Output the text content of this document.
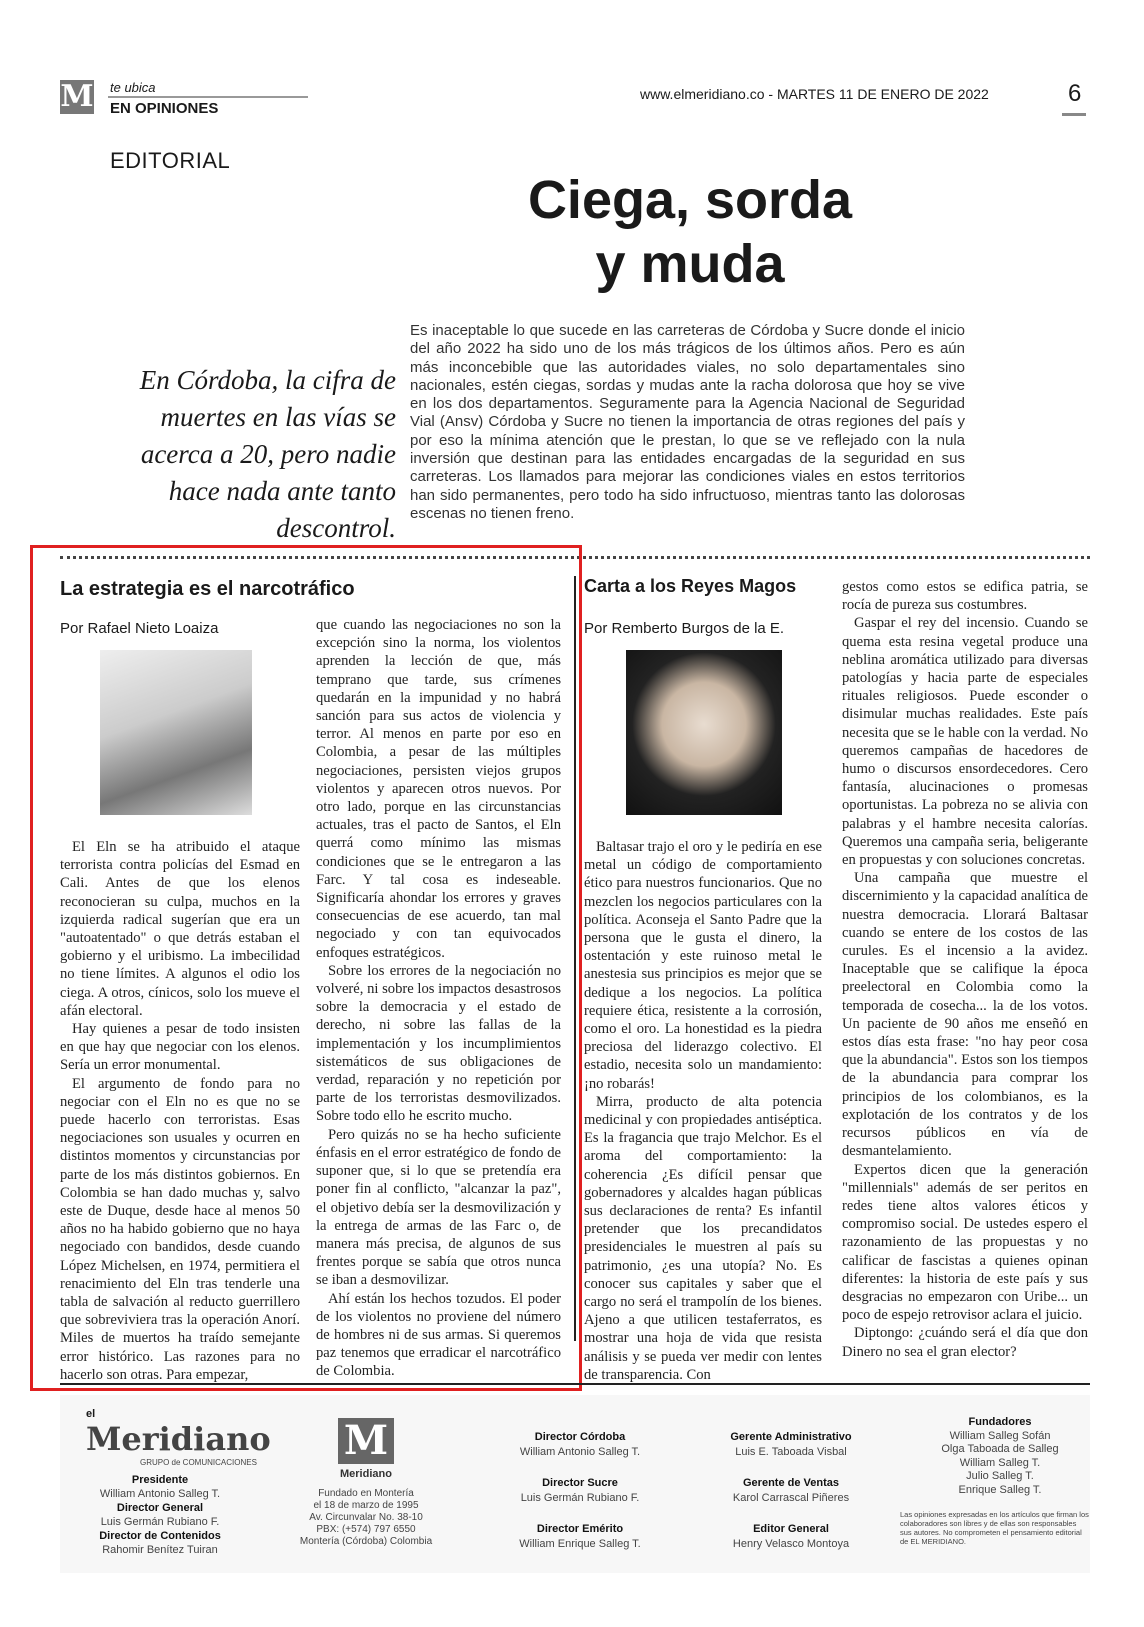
M te ubica
EN OPINIONES
www.elmeridiano.co - MARTES 11 DE ENERO DE 2022	6
EDITORIAL
Ciega, sorda
y muda
En Córdoba, la cifra de muertes en las vías se acerca a 20, pero nadie hace nada ante tanto descontrol.
Es inaceptable lo que sucede en las carreteras de Córdoba y Sucre donde el inicio del año 2022 ha sido uno de los más trágicos de los últimos años. Pero es aún más inconcebible que las autoridades viales, no solo departamentales sino nacionales, estén ciegas, sordas y mudas ante la racha dolorosa que hoy se vive en los dos departamentos. Seguramente para la Agencia Nacional de Seguridad Vial (Ansv) Córdoba y Sucre no tienen la importancia de otras regiones del país y por eso la mínima atención que le prestan, lo que se ve reflejado con la nula inversión que destinan para las entidades encargadas de la seguridad en sus carreteras. Los llamados para mejorar las condiciones viales en estos territorios han sido permanentes, pero todo ha sido infructuoso, mientras tanto las dolorosas escenas no tienen freno.
La estrategia es el narcotráfico
Por Rafael Nieto Loaiza

El Eln se ha atribuido el ataque terrorista contra policías del Esmad en Cali. Antes de que los elenos reconocieran su culpa, muchos en la izquierda radical sugerían que era un "autoatentado" o que detrás estaban el gobierno y el uribismo. La imbecilidad no tiene límites. A algunos el odio los ciega. A otros, cínicos, solo los mueve el afán electoral.

Hay quienes a pesar de todo insisten en que hay que negociar con los elenos. Sería un error monumental.

El argumento de fondo para no negociar con el Eln no es que no se puede hacerlo con terroristas. Esas negociaciones son usuales y ocurren en distintos momentos y circunstancias por parte de los más distintos gobiernos. En Colombia se han dado muchas y, salvo este de Duque, desde hace al menos 50 años no ha habido gobierno que no haya negociado con bandidos, desde cuando López Michelsen, en 1974, permitiera el renacimiento del Eln tras tenderle una tabla de salvación al reducto guerrillero que sobreviviera tras la operación Anorí. Miles de muertos ha traído semejante error histórico. Las razones para no hacerlo son otras. Para empezar,

que cuando las negociaciones no son la excepción sino la norma, los violentos aprenden la lección de que, más temprano que tarde, sus crímenes quedarán en la impunidad y no habrá sanción para sus actos de violencia y terror. Al menos en parte por eso en Colombia, a pesar de las múltiples negociaciones, persisten viejos grupos violentos y aparecen otros nuevos. Por otro lado, porque en las circunstancias actuales, tras el pacto de Santos, el Eln querrá como mínimo las mismas condiciones que se le entregaron a las Farc. Y tal cosa es indeseable. Significaría ahondar los errores y graves consecuencias de ese acuerdo, tan mal negociado y con tan equivocados enfoques estratégicos.

Sobre los errores de la negociación no volveré, ni sobre los impactos desastrosos sobre la democracia y el estado de derecho, ni sobre las fallas de la implementación y los incumplimientos sistemáticos de sus obligaciones de verdad, reparación y no repetición por parte de los terroristas desmovilizados. Sobre todo ello he escrito mucho.

Pero quizás no se ha hecho suficiente énfasis en el error estratégico de fondo de suponer que, si lo que se pretendía era poner fin al conflicto, "alcanzar la paz", el objetivo debía ser la desmovilización y la entrega de armas de las Farc o, de manera más precisa, de algunos de sus frentes porque se sabía que otros nunca se iban a desmovilizar.

Ahí están los hechos tozudos. El poder de los violentos no proviene del número de hombres ni de sus armas. Si queremos paz tenemos que erradicar el narcotráfico de Colombia.

Carta a los Reyes Magos
Por Remberto Burgos de la E.

Baltasar trajo el oro y le pediría en ese metal un código de comportamiento ético para nuestros funcionarios. Que no mezclen los negocios particulares con la política. Aconseja el Santo Padre que la persona que le gusta el dinero, la ostentación y este ruinoso metal le anestesia sus principios es mejor que se dedique a los negocios. La política requiere ética, resistente a la corrosión, como el oro. La honestidad es la piedra preciosa del liderazgo colectivo. El estadio, necesita solo un mandamiento: ¡no robarás!

Mirra, producto de alta potencia medicinal y con propiedades antiséptica. Es la fragancia que trajo Melchor. Es el aroma del comportamiento: la coherencia ¿Es difícil pensar que gobernadores y alcaldes hagan públicas sus declaraciones de renta? Es infantil pretender que los precandidatos presidenciales le muestren al país su patrimonio, ¿es una utopía? No. Es conocer sus capitales y saber que el cargo no será el trampolín de los bienes. Ajeno a que utilicen testaferratos, es mostrar una hoja de vida que resista análisis y se pueda ver medir con lentes de transparencia. Con

gestos como estos se edifica patria, se rocía de pureza sus costumbres.

Gaspar el rey del incensio. Cuando se quema esta resina vegetal produce una neblina aromática utilizado para diversas patologías y hacia parte de especiales rituales religiosos. Puede esconder o disimular muchas realidades. Este país necesita que se le hable con la verdad. No queremos campañas de hacedores de humo o discursos ensordecedores. Cero fantasía, alucinaciones o promesas oportunistas. La pobreza no se alivia con palabras y el hambre necesita calorías. Queremos una campaña seria, beligerante en propuestas y con soluciones concretas.

Una campaña que muestre el discernimiento y la capacidad analítica de nuestra democracia. Llorará Baltasar cuando se entere de los costos de las curules. Es el incensio a la avidez. Inaceptable que se califique la época preelectoral en Colombia como la temporada de cosecha... la de los votos. Un paciente de 90 años me enseñó en estos días esta frase: "no hay peor cosa que la abundancia". Estos son los tiempos de la abundancia para comprar los principios de los colombianos, es la explotación de los contratos y de los recursos públicos en vía de desmantelamiento.

Expertos dicen que la generación "millennials" además de ser peritos en redes tiene altos valores éticos y compromiso social. De ustedes espero el razonamiento de las propuestas y no calificar de fascistas a quienes opinan diferentes: la historia de este país y sus desgracias no empezaron con Uribe... un poco de espejo retrovisor aclara el juicio.

Diptongo: ¿cuándo será el día que don Dinero no sea el gran elector?

el
Meridiano
GRUPO de COMUNICACIONES
Presidente
William Antonio Salleg T.
Director General
Luis Germán Rubiano F.
Director de Contenidos
Rahomir Benítez Tuiran
M
Meridiano
Fundado en Montería
el 18 de marzo de 1995
Av. Circunvalar No. 38-10
PBX: (+574) 797 6550
Montería (Córdoba) Colombia
Director Córdoba
William Antonio Salleg T.
Director Sucre
Luis Germán Rubiano F.
Director Emérito
William Enrique Salleg T.
Gerente Administrativo
Luis E. Taboada Visbal
Gerente de Ventas
Karol Carrascal Piñeres
Editor General
Henry Velasco Montoya
Fundadores
William Salleg Sofán
Olga Taboada de Salleg
William Salleg T.
Julio Salleg T.
Enrique Salleg T.
Las opiniones expresadas en los artículos que firman los colaboradores son libres y de ellas son responsables sus autores. No comprometen el pensamiento editorial de EL MERIDIANO.
